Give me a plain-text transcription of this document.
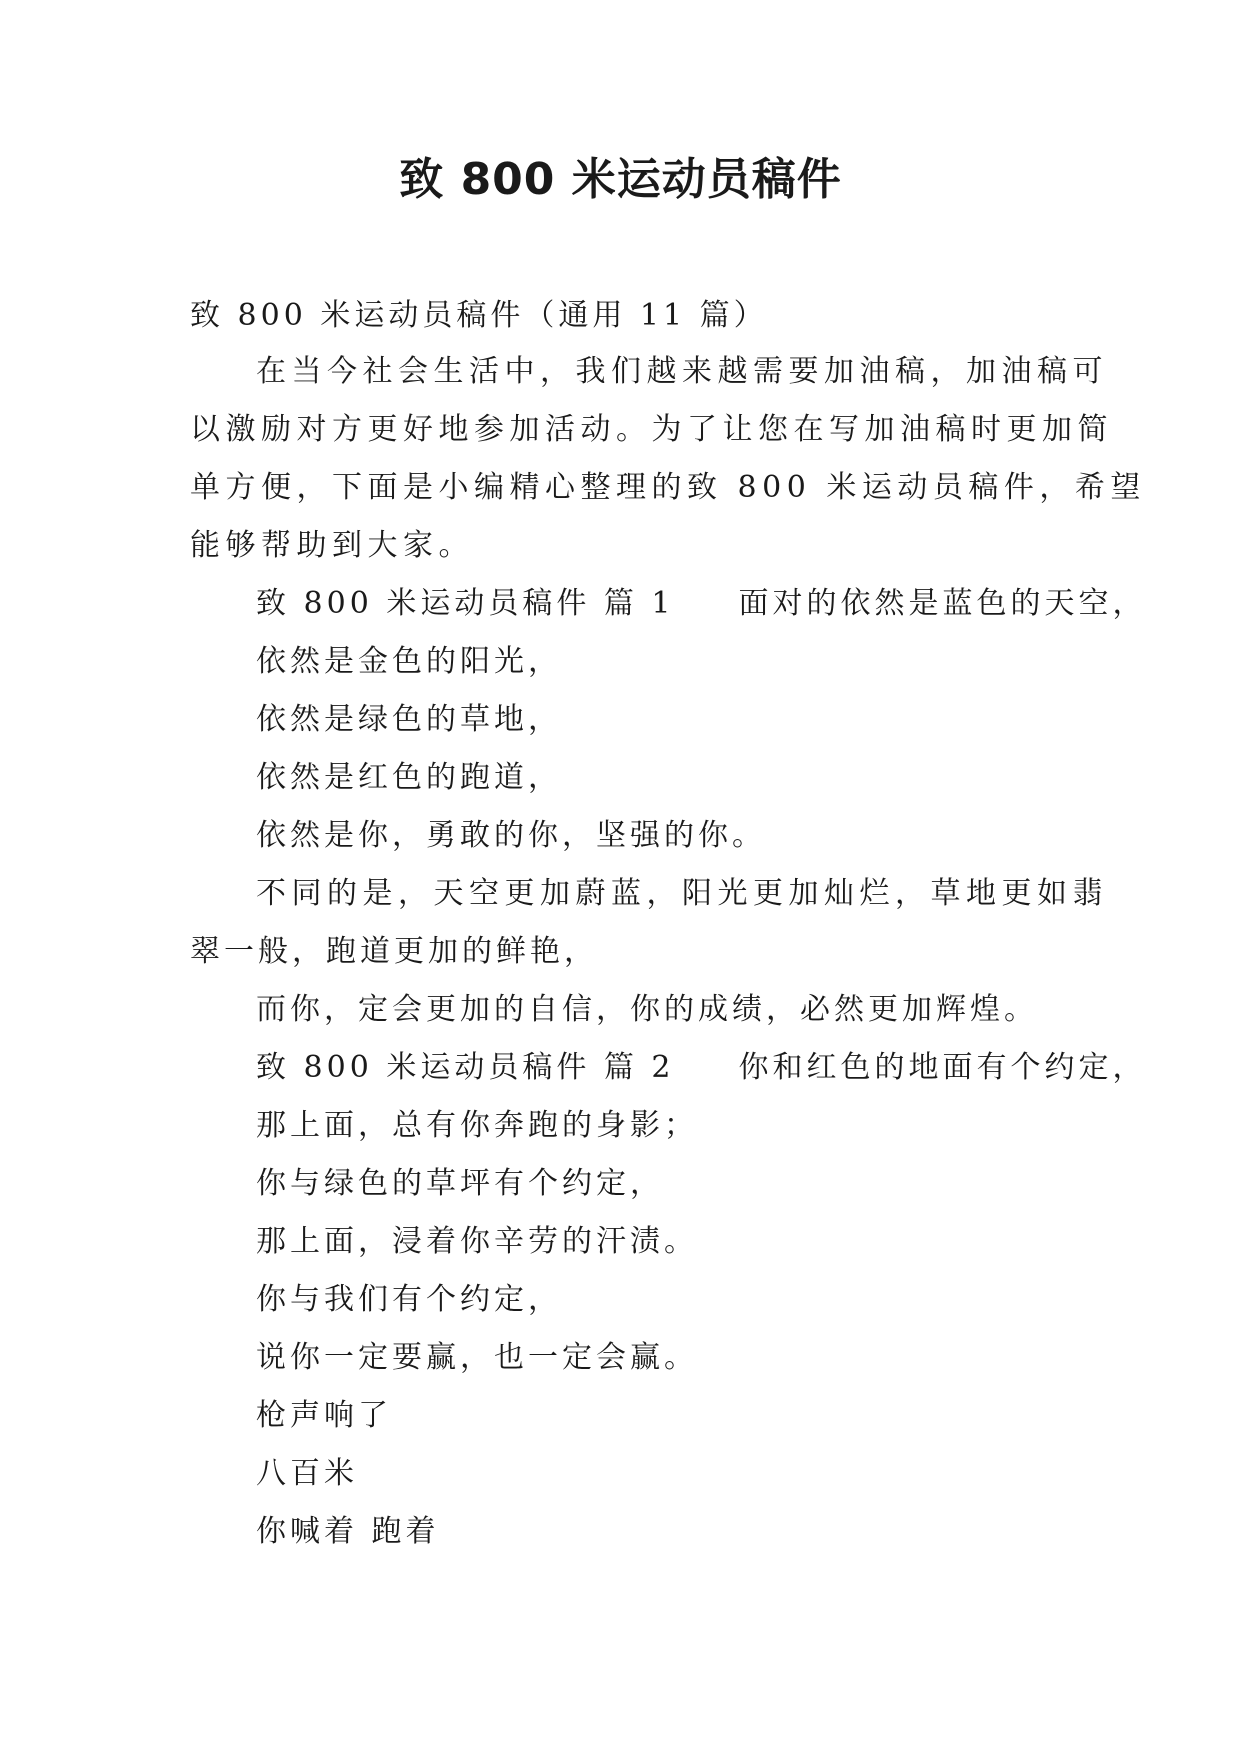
致 800 米运动员稿件
致 800 米运动员稿件（通用 11 篇）
在当今社会生活中，我们越来越需要加油稿，加油稿可
以激励对方更好地参加活动。为了让您在写加油稿时更加简
单方便，下面是小编精心整理的致 800 米运动员稿件，希望
能够帮助到大家。
致 800 米运动员稿件 篇 1 面对的依然是蓝色的天空，
依然是金色的阳光，
依然是绿色的草地，
依然是红色的跑道，
依然是你，勇敢的你，坚强的你。
不同的是，天空更加蔚蓝，阳光更加灿烂，草地更如翡
翠一般，跑道更加的鲜艳，
而你，定会更加的自信，你的成绩，必然更加辉煌。
致 800 米运动员稿件 篇 2 你和红色的地面有个约定，
那上面，总有你奔跑的身影；
你与绿色的草坪有个约定，
那上面，浸着你辛劳的汗渍。
你与我们有个约定，
说你一定要赢，也一定会赢。
枪声响了
八百米
你喊着 跑着
